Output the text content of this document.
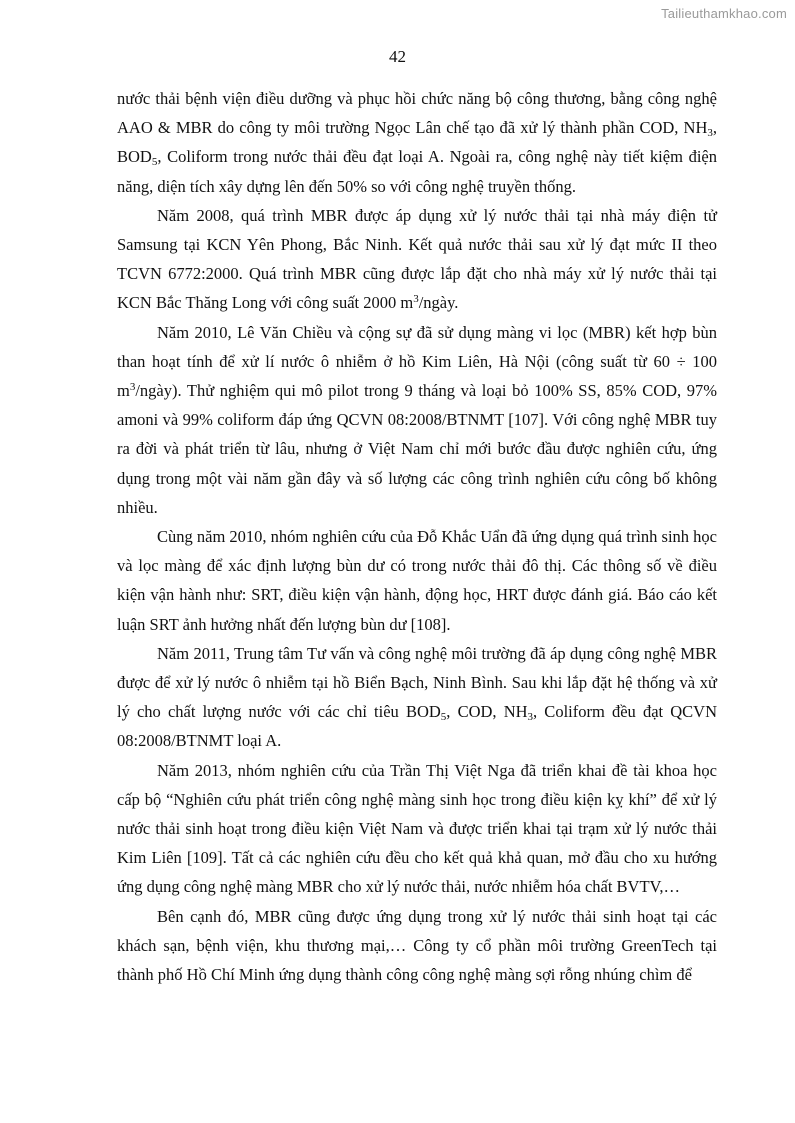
Tailieuthamkhao.com
42

nước thải bệnh viện điều dưỡng và phục hồi chức năng bộ công thương, bằng công nghệ AAO & MBR do công ty môi trường Ngọc Lân chế tạo đã xử lý thành phần COD, $NH_3$, $BOD_5$, Coliform trong nước thải đều đạt loại A. Ngoài ra, công nghệ này tiết kiệm điện năng, diện tích xây dựng lên đến 50% so với công nghệ truyền thống.

Năm 2008, quá trình MBR được áp dụng xử lý nước thải tại nhà máy điện tử Samsung tại KCN Yên Phong, Bắc Ninh. Kết quả nước thải sau xử lý đạt mức II theo TCVN 6772:2000. Quá trình MBR cũng được lắp đặt cho nhà máy xử lý nước thải tại KCN Bắc Thăng Long với công suất 2000 $m^3$/ngày.

Năm 2010, Lê Văn Chiều và cộng sự đã sử dụng màng vi lọc (MBR) kết hợp bùn than hoạt tính để xử lí nước ô nhiễm ở hồ Kim Liên, Hà Nội (công suất từ 60 ÷ 100 $m^3/ngày$). Thử nghiệm qui mô pilot trong 9 tháng và loại bỏ 100% SS, 85% COD, 97% amoni và 99% coliform đáp ứng QCVN 08:2008/BTNMT [107]. Với công nghệ MBR tuy ra đời và phát triển từ lâu, nhưng ở Việt Nam chỉ mới bước đầu được nghiên cứu, ứng dụng trong một vài năm gần đây và số lượng các công trình nghiên cứu công bố không nhiều.

Cùng năm 2010, nhóm nghiên cứu của Đỗ Khắc Uẩn đã ứng dụng quá trình sinh học và lọc màng để xác định lượng bùn dư có trong nước thải đô thị. Các thông số về điều kiện vận hành như: SRT, điều kiện vận hành, động học, HRT được đánh giá. Báo cáo kết luận SRT ảnh hưởng nhất đến lượng bùn dư [108].

Năm 2011, Trung tâm Tư vấn và công nghệ môi trường đã áp dụng công nghệ MBR được để xử lý nước ô nhiễm tại hồ Biển Bạch, Ninh Bình. Sau khi lắp đặt hệ thống và xử lý cho chất lượng nước với các chỉ tiêu $BOD_5$, COD, $NH_3$, Coliform đều đạt QCVN 08:2008/BTNMT loại A.

Năm 2013, nhóm nghiên cứu của Trần Thị Việt Nga đã triển khai đề tài khoa học cấp bộ “Nghiên cứu phát triển công nghệ màng sinh học trong điều kiện kỵ khí” để xử lý nước thải sinh hoạt trong điều kiện Việt Nam và được triển khai tại trạm xử lý nước thải Kim Liên [109]. Tất cả các nghiên cứu đều cho kết quả khả quan, mở đầu cho xu hướng ứng dụng công nghệ màng MBR cho xử lý nước thải, nước nhiễm hóa chất BVTV,…

Bên cạnh đó, MBR cũng được ứng dụng trong xử lý nước thải sinh hoạt tại các khách sạn, bệnh viện, khu thương mại,… Công ty cổ phần môi trường GreenTech tại thành phố Hồ Chí Minh ứng dụng thành công công nghệ màng sợi rỗng nhúng chìm để
